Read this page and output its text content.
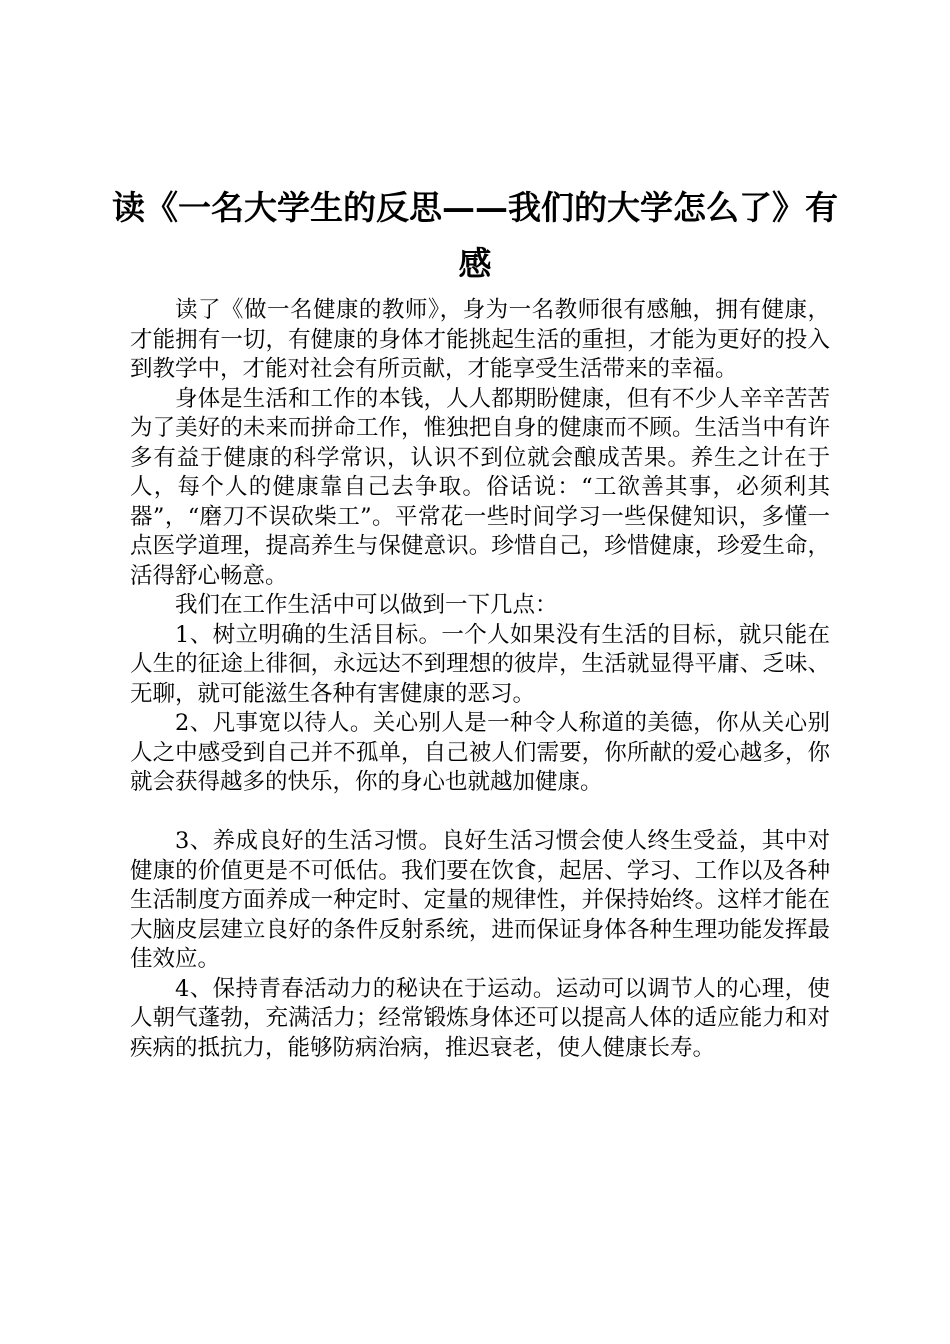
读《一名大学生的反思——我们的大学怎么了》有感

读了《做一名健康的教师》，身为一名教师很有感触，拥有健康，才能拥有一切，有健康的身体才能挑起生活的重担，才能为更好的投入到教学中，才能对社会有所贡献，才能享受生活带来的幸福。

身体是生活和工作的本钱，人人都期盼健康，但有不少人辛辛苦苦为了美好的未来而拼命工作，惟独把自身的健康而不顾。生活当中有许多有益于健康的科学常识，认识不到位就会酿成苦果。养生之计在于人，每个人的健康靠自己去争取。俗话说：“工欲善其事，必须利其器”，“磨刀不误砍柴工”。平常花一些时间学习一些保健知识，多懂一点医学道理，提高养生与保健意识。珍惜自己，珍惜健康，珍爱生命，活得舒心畅意。

我们在工作生活中可以做到一下几点：

1、树立明确的生活目标。一个人如果没有生活的目标，就只能在人生的征途上徘徊，永远达不到理想的彼岸，生活就显得平庸、乏味、无聊，就可能滋生各种有害健康的恶习。

2、凡事宽以待人。关心别人是一种令人称道的美德，你从关心别人之中感受到自己并不孤单，自己被人们需要，你所献的爱心越多，你就会获得越多的快乐，你的身心也就越加健康。

3、养成良好的生活习惯。良好生活习惯会使人终生受益，其中对健康的价值更是不可低估。我们要在饮食，起居、学习、工作以及各种生活制度方面养成一种定时、定量的规律性，并保持始终。这样才能在大脑皮层建立良好的条件反射系统，进而保证身体各种生理功能发挥最佳效应。

4、保持青春活动力的秘诀在于运动。运动可以调节人的心理，使人朝气蓬勃，充满活力；经常锻炼身体还可以提高人体的适应能力和对疾病的抵抗力，能够防病治病，推迟衰老，使人健康长寿。
